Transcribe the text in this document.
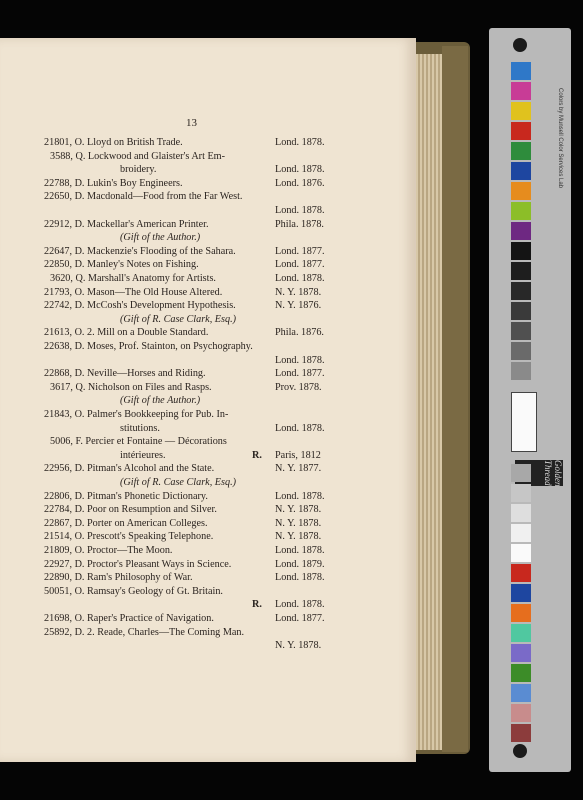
13
21801, O. Lloyd on British Trade.	Lond. 1878.
3588, Q. Lockwood and Glaister's Art Em-
broidery.	Lond. 1878.
22788, D. Lukin's Boy Engineers.	Lond. 1876.
22650, D. Macdonald—Food from the Far West.
Lond. 1878.
22912, D. Mackellar's American Printer.	Phila. 1878.
(Gift of the Author.)
22647, D. Mackenzie's Flooding of the Sahara.	Lond. 1877.
22850, D. Manley's Notes on Fishing.	Lond. 1877.
3620, Q. Marshall's Anatomy for Artists.	Lond. 1878.
21793, O. Mason—The Old House Altered.	N. Y. 1878.
22742, D. McCosh's Development Hypothesis.	N. Y. 1876.
(Gift of R. Case Clark, Esq.)
21613, O. 2. Mill on a Double Standard.	Phila. 1876.
22638, D. Moses, Prof. Stainton, on Psychography.
Lond. 1878.
22868, D. Neville—Horses and Riding.	Lond. 1877.
3617, Q. Nicholson on Files and Rasps.	Prov. 1878.
(Gift of the Author.)
21843, O. Palmer's Bookkeeping for Pub. In-
stitutions.	Lond. 1878.
5006, F. Percier et Fontaine — Décorations
intérieures.	R. Paris, 1812
22956, D. Pitman's Alcohol and the State.	N. Y. 1877.
(Gift of R. Case Clark, Esq.)
22806, D. Pitman's Phonetic Dictionary.	Lond. 1878.
22784, D. Poor on Resumption and Silver.	N. Y. 1878.
22867, D. Porter on American Colleges.	N. Y. 1878.
21514, O. Prescott's Speaking Telephone.	N. Y. 1878.
21809, O. Proctor—The Moon.	Lond. 1878.
22927, D. Proctor's Pleasant Ways in Science.	Lond. 1879.
22890, D. Ram's Philosophy of War.	Lond. 1878.
50051, O. Ramsay's Geology of Gt. Britain.
R. Lond. 1878.
21698, O. Raper's Practice of Navigation.	Lond. 1877.
25892, D. 2. Reade, Charles—The Coming Man.
N. Y. 1878.
Colors by Munsell Color Services Lab
Golden Thread
